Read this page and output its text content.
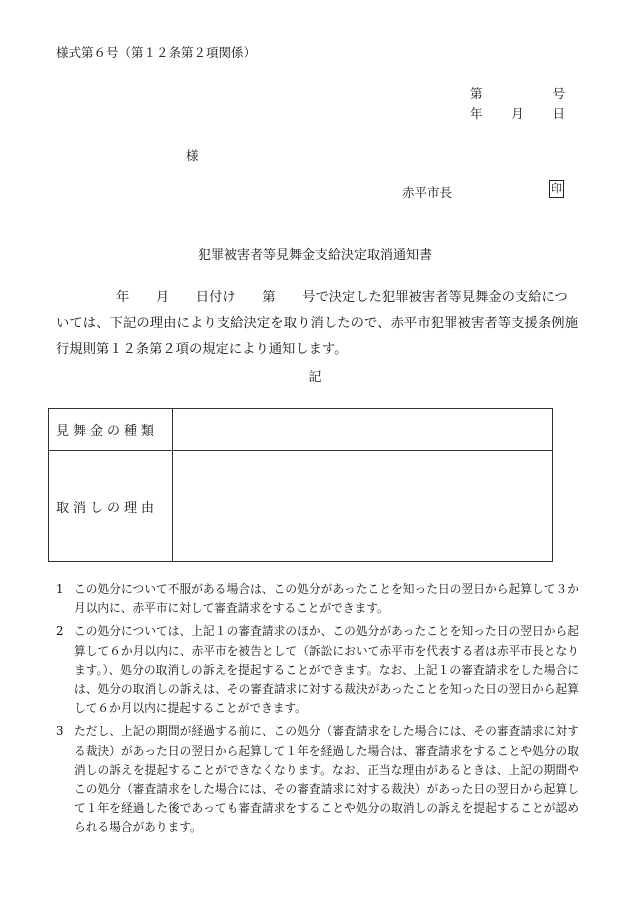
様式第６号（第１２条第２項関係）
第	号
年 月 日
様
赤平市長	印
犯罪被害者等見舞金支給決定取消通知書
年　　月　　日付け　　第　　号で決定した犯罪被害者等見舞金の支給につ
いては、下記の理由により支給決定を取り消したので、赤平市犯罪被害者等支援条例施行規則第１２条第２項の規定により通知します。
記
見舞金の種類	
取消しの理由	
1 この処分について不服がある場合は、この処分があったことを知った日の翌日から起算して３か月以内に、赤平市に対して審査請求をすることができます。
2 この処分については、上記１の審査請求のほか、この処分があったことを知った日の翌日から起算して６か月以内に、赤平市を被告として（訴訟において赤平市を代表する者は赤平市長となります。）、処分の取消しの訴えを提起することができます。なお、上記１の審査請求をした場合には、処分の取消しの訴えは、その審査請求に対する裁決があったことを知った日の翌日から起算して６か月以内に提起することができます。
3 ただし、上記の期間が経過する前に、この処分（審査請求をした場合には、その審査請求に対する裁決）があった日の翌日から起算して１年を経過した場合は、審査請求をすることや処分の取消しの訴えを提起することができなくなります。なお、正当な理由があるときは、上記の期間やこの処分（審査請求をした場合には、その審査請求に対する裁決）があった日の翌日から起算して１年を経過した後であっても審査請求をすることや処分の取消しの訴えを提起することが認められる場合があります。
